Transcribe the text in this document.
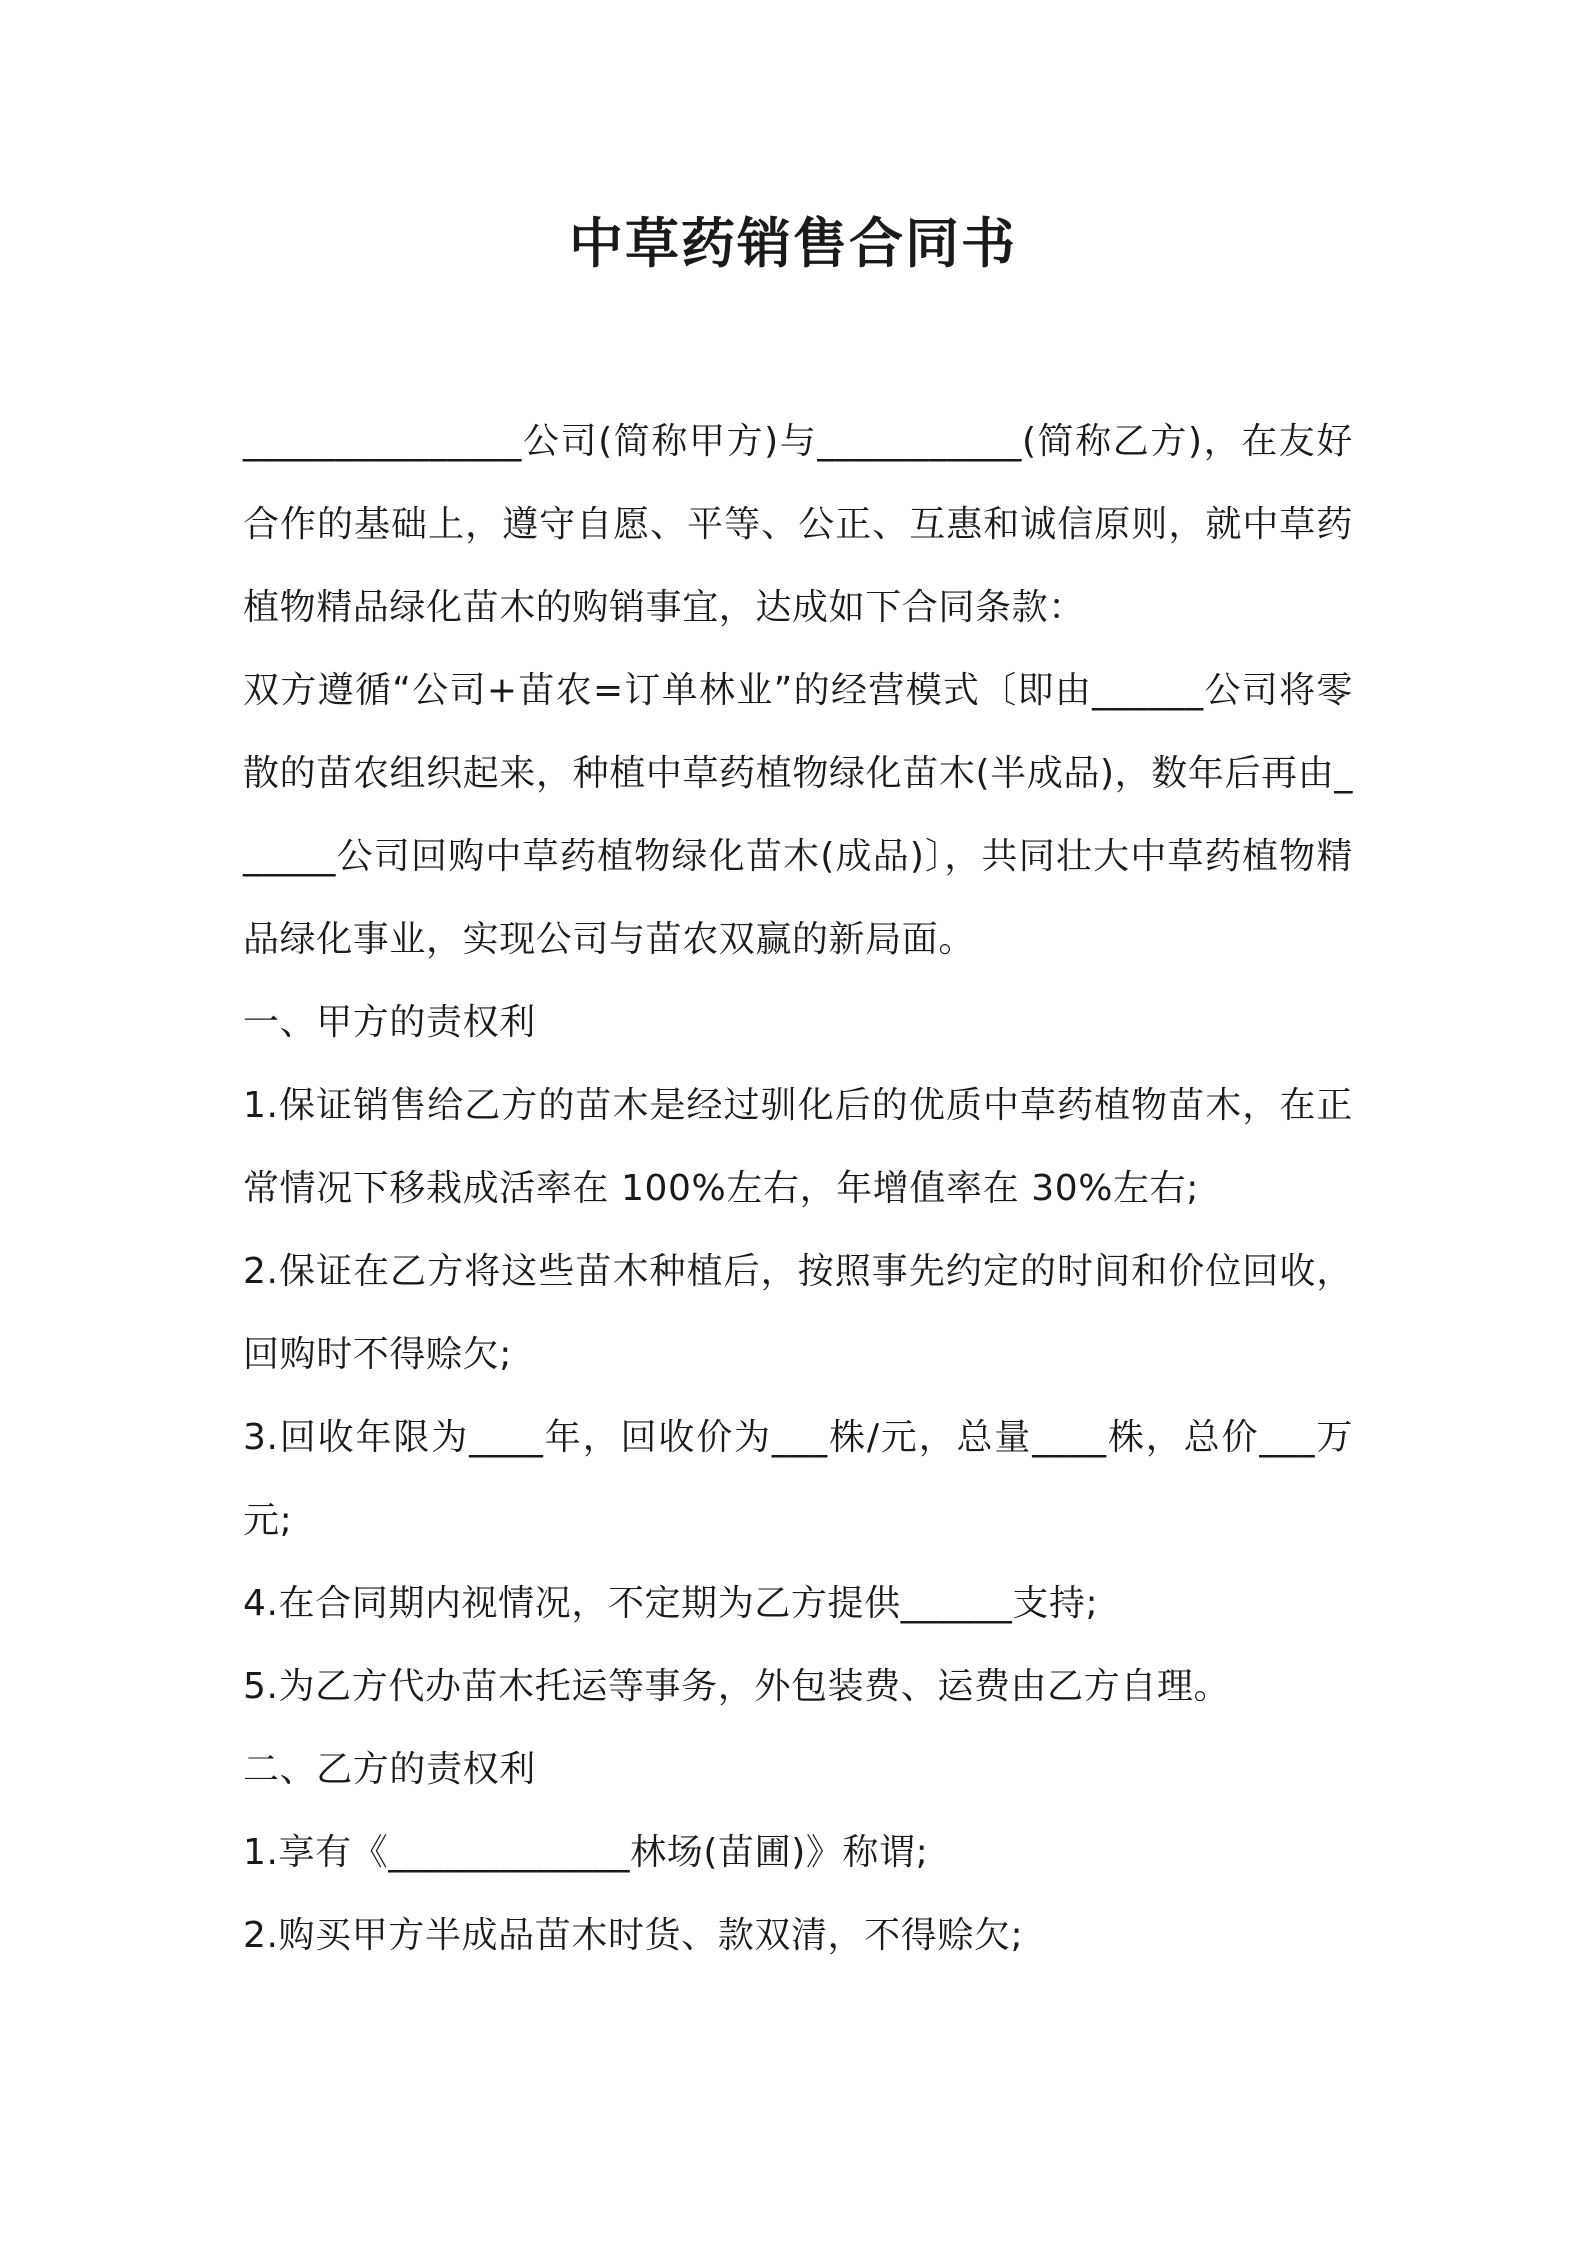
中草药销售合同书

_______________公司(简称甲方)与___________(简称乙方)，在友好合作的基础上，遵守自愿、平等、公正、互惠和诚信原则，就中草药植物精品绿化苗木的购销事宜，达成如下合同条款：

双方遵循“公司+苗农=订单林业”的经营模式〔即由______公司将零散的苗农组织起来，种植中草药植物绿化苗木(半成品)，数年后再由______公司回购中草药植物绿化苗木(成品)〕，共同壮大中草药植物精品绿化事业，实现公司与苗农双赢的新局面。

一、甲方的责权利

1.保证销售给乙方的苗木是经过驯化后的优质中草药植物苗木，在正常情况下移栽成活率在 100%左右，年增值率在 30%左右;

2.保证在乙方将这些苗木种植后，按照事先约定的时间和价位回收，回购时不得赊欠;

3.回收年限为____年，回收价为___株/元，总量____株，总价___万元;

4.在合同期内视情况，不定期为乙方提供______支持;

5.为乙方代办苗木托运等事务，外包装费、运费由乙方自理。

二、乙方的责权利

1.享有《_____________林场(苗圃)》称谓;

2.购买甲方半成品苗木时货、款双清，不得赊欠;
